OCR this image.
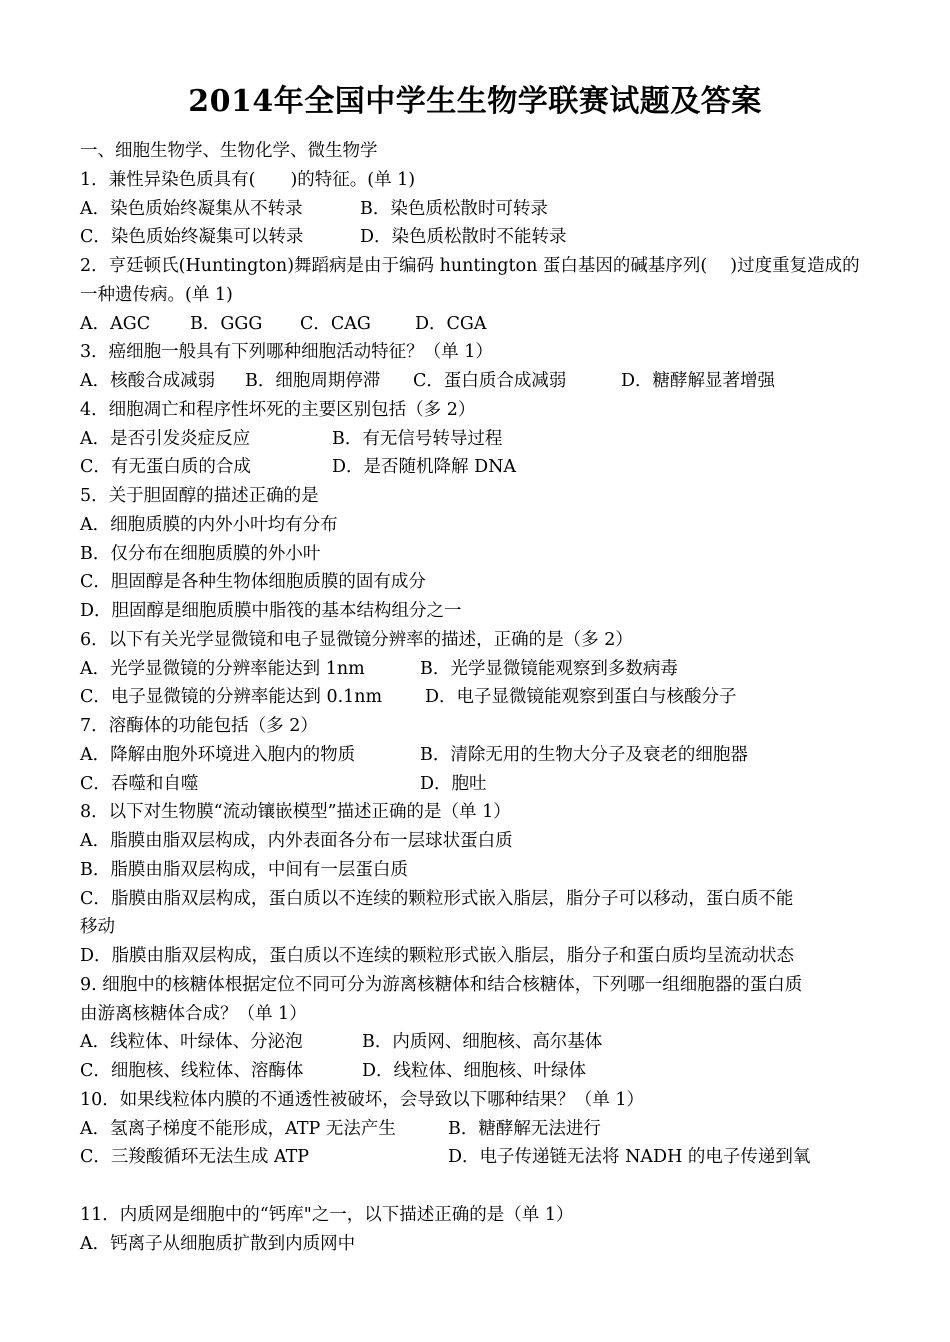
2014年全国中学生生物学联赛试题及答案
一、细胞生物学、生物化学、微生物学
1．兼性异染色质具有(　　)的特征。(单 1)
A．染色质始终凝集从不转录	B．染色质松散时可转录
C．染色质始终凝集可以转录	D．染色质松散时不能转录
2．亨廷顿氏(Huntington)舞蹈病是由于编码 huntington 蛋白基因的碱基序列(　 )过度重复造成的
一种遗传病。(单 1)
A．AGC B．GGG C．CAG	D．CGA
3．癌细胞一般具有下列哪种细胞活动特征？（单 1）
A．核酸合成减弱 B．细胞周期停滞 C．蛋白质合成减弱	D．糖酵解显著增强
4．细胞凋亡和程序性坏死的主要区别包括（多 2）
A．是否引发炎症反应	B．有无信号转导过程
C．有无蛋白质的合成	D．是否随机降解 DNA
5．关于胆固醇的描述正确的是
A．细胞质膜的内外小叶均有分布
B．仅分布在细胞质膜的外小叶
C．胆固醇是各种生物体细胞质膜的固有成分
D．胆固醇是细胞质膜中脂筏的基本结构组分之一
6．以下有关光学显微镜和电子显微镜分辨率的描述，正确的是（多 2）
A．光学显微镜的分辨率能达到 1nm	B．光学显微镜能观察到多数病毒
C．电子显微镜的分辨率能达到 0.1nm D．电子显微镜能观察到蛋白与核酸分子
7．溶酶体的功能包括（多 2）
A．降解由胞外环境进入胞内的物质	B．清除无用的生物大分子及衰老的细胞器
C．吞噬和自噬	D．胞吐
8．以下对生物膜“流动镶嵌模型”描述正确的是（单 1）
A．脂膜由脂双层构成，内外表面各分布一层球状蛋白质
B．脂膜由脂双层构成，中间有一层蛋白质
C．脂膜由脂双层构成，蛋白质以不连续的颗粒形式嵌入脂层，脂分子可以移动，蛋白质不能
移动
D．脂膜由脂双层构成，蛋白质以不连续的颗粒形式嵌入脂层，脂分子和蛋白质均呈流动状态
9. 细胞中的核糖体根据定位不同可分为游离核糖体和结合核糖体，下列哪一组细胞器的蛋白质
由游离核糖体合成？（单 1）
A．线粒体、叶绿体、分泌泡	B．内质网、细胞核、高尔基体
C．细胞核、线粒体、溶酶体	D．线粒体、细胞核、叶绿体
10．如果线粒体内膜的不通透性被破坏，会导致以下哪种结果？（单 1）
A．氢离子梯度不能形成，ATP 无法产生	B．糖酵解无法进行
C．三羧酸循环无法生成 ATP	D．电子传递链无法将 NADH 的电子传递到氧
11．内质网是细胞中的“钙库"之一，以下描述正确的是（单 1）
A．钙离子从细胞质扩散到内质网中
